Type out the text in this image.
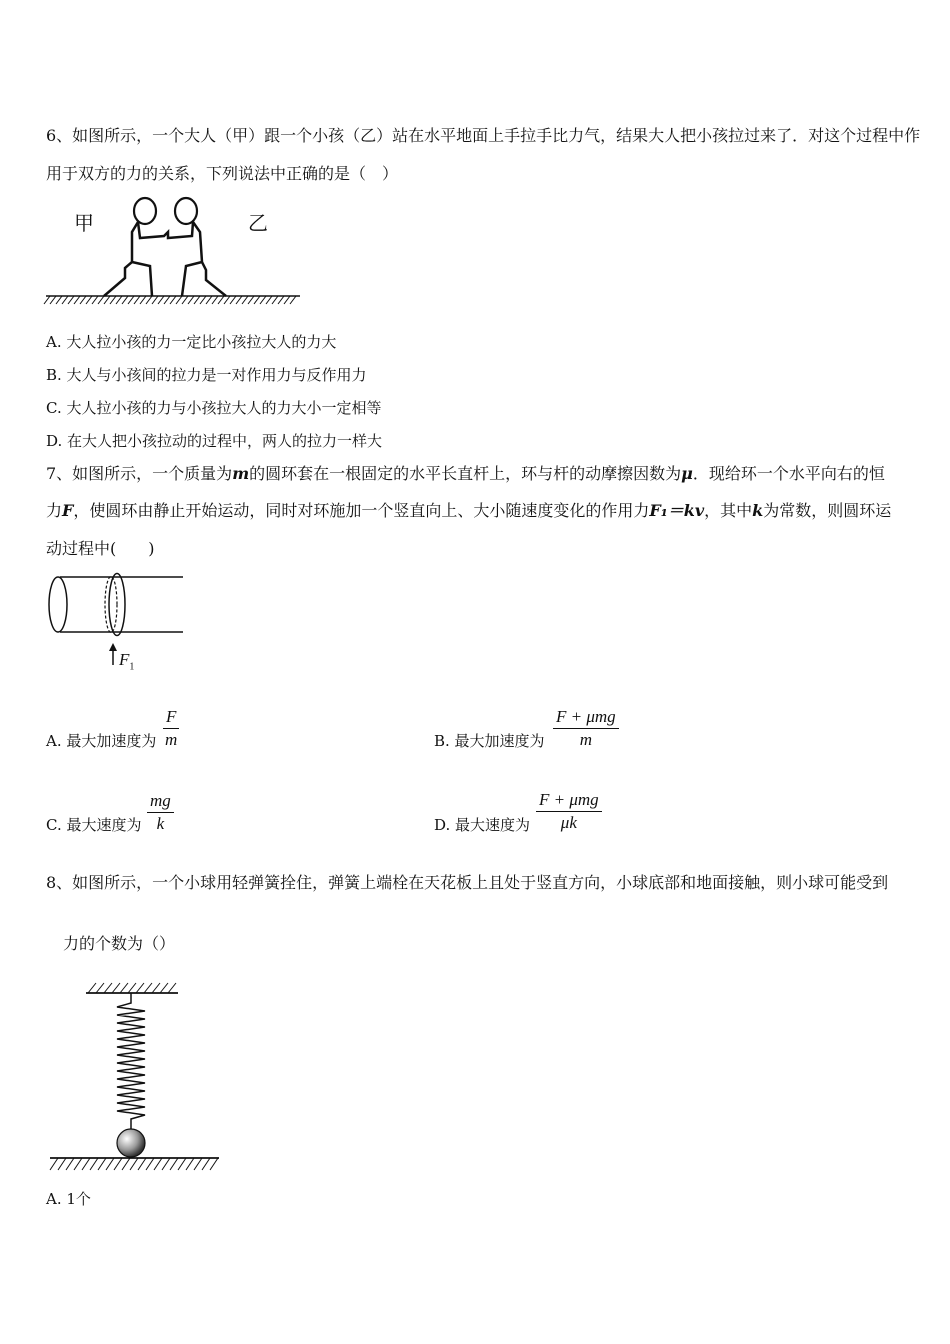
6、如图所示，一个大人（甲）跟一个小孩（乙）站在水平地面上手拉手比力气，结果大人把小孩拉过来了．对这个过程中作
用于双方的力的关系，下列说法中正确的是（　）
甲	乙
A. 大人拉小孩的力一定比小孩拉大人的力大
B. 大人与小孩间的拉力是一对作用力与反作用力
C. 大人拉小孩的力与小孩拉大人的力大小一定相等
D. 在大人把小孩拉动的过程中，两人的拉力一样大
7、如图所示，一个质量为m的圆环套在一根固定的水平长直杆上，环与杆的动摩擦因数为μ．现给环一个水平向右的恒
力F，使圆环由静止开始运动，同时对环施加一个竖直向上、大小随速度变化的作用力F₁＝kv，其中k为常数，则圆环运
动过程中(　　)
$F_1$
A. 最大加速度为
F
m	B. 最大加速度为
F + μmg
m
C. 最大速度为
mg
k	D. 最大速度为
F + μmg
μk
8、如图所示，一个小球用轻弹簧拴住，弹簧上端栓在天花板上且处于竖直方向，小球底部和地面接触，则小球可能受到
力的个数为（）
A. 1个
